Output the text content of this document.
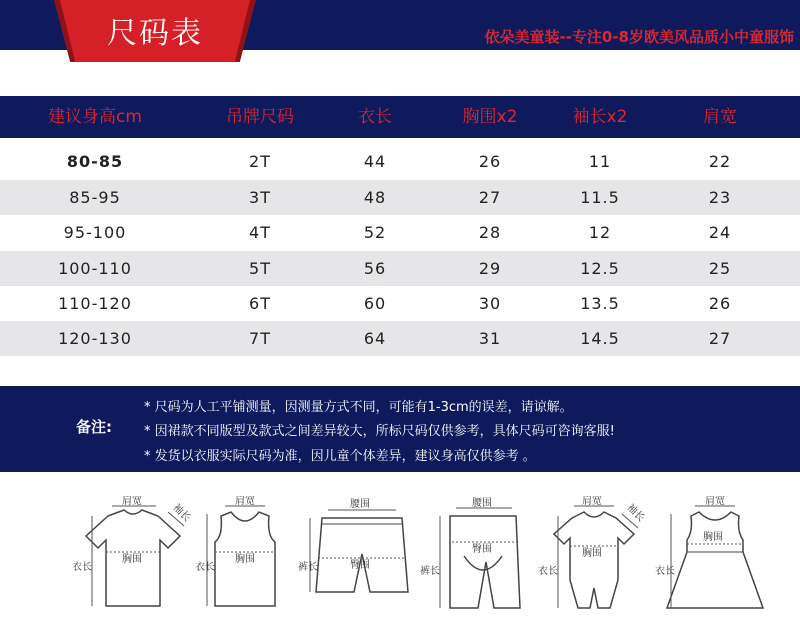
尺码表	依朵美童装--专注0-8岁欧美风品质小中童服饰
建议身高cm	吊牌尺码	衣长	胸围x2	袖长x2	肩宽
80-85	2T	44	26	11	22
85-95	3T	48	27	11.5	23
95-100	4T	52	28	12	24
100-110	5T	56	29	12.5	25
110-120	6T	60	30	13.5	26
120-130	7T	64	31	14.5	27
备注:
* 尺码为人工平铺测量，因测量方式不同，可能有1-3cm的误差，请谅解。
* 因裙款不同版型及款式之间差异较大，所标尺码仅供参考，具体尺码可咨询客服!
* 发货以衣服实际尺码为准，因儿童个体差异，建议身高仅供参考 。
肩宽
袖长
胸围
衣长
肩宽
胸围
衣长
腰围
臀围
裤长
腰围
臀围
裤长
肩宽
袖长
胸围
衣长
肩宽
胸围
衣长
